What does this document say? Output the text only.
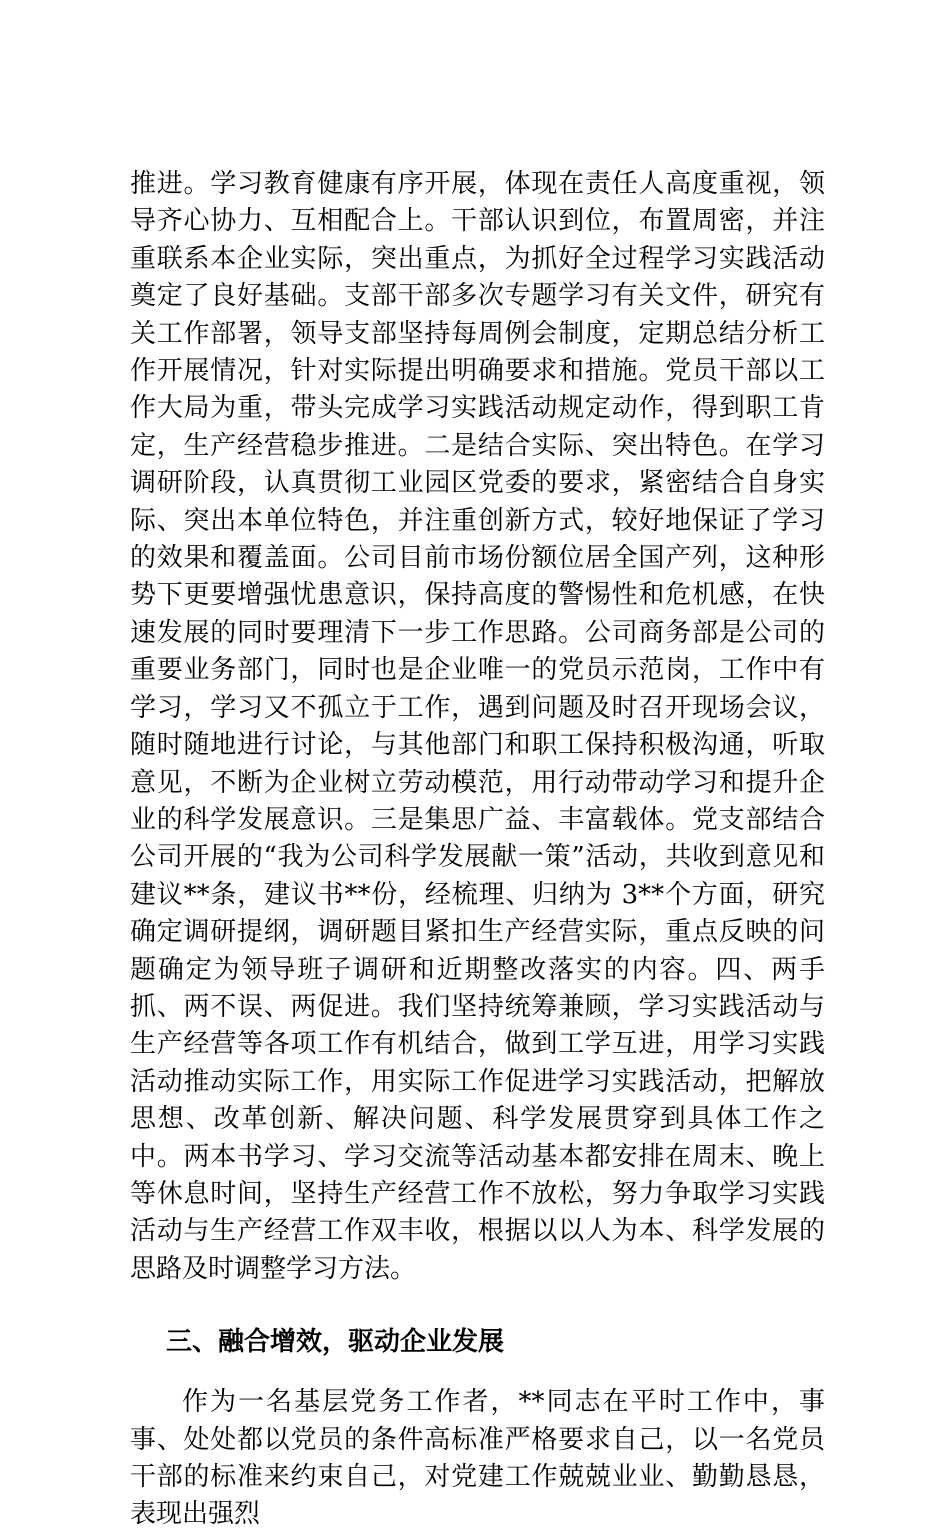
推进。学习教育健康有序开展，体现在责任人高度重视，领导齐心协力、互相配合上。干部认识到位，布置周密，并注重联系本企业实际，突出重点，为抓好全过程学习实践活动奠定了良好基础。支部干部多次专题学习有关文件，研究有关工作部署，领导支部坚持每周例会制度，定期总结分析工作开展情况，针对实际提出明确要求和措施。党员干部以工作大局为重，带头完成学习实践活动规定动作，得到职工肯定，生产经营稳步推进。二是结合实际、突出特色。在学习调研阶段，认真贯彻工业园区党委的要求，紧密结合自身实际、突出本单位特色，并注重创新方式，较好地保证了学习的效果和覆盖面。公司目前市场份额位居全国产列，这种形势下更要增强忧患意识，保持高度的警惕性和危机感，在快速发展的同时要理清下一步工作思路。公司商务部是公司的重要业务部门，同时也是企业唯一的党员示范岗，工作中有学习，学习又不孤立于工作，遇到问题及时召开现场会议，随时随地进行讨论，与其他部门和职工保持积极沟通，听取意见，不断为企业树立劳动模范，用行动带动学习和提升企业的科学发展意识。三是集思广益、丰富载体。党支部结合公司开展的“我为公司科学发展献一策”活动，共收到意见和建议**条，建议书**份，经梳理、归纳为 3**个方面，研究确定调研提纲，调研题目紧扣生产经营实际，重点反映的问题确定为领导班子调研和近期整改落实的内容。四、两手抓、两不误、两促进。我们坚持统筹兼顾，学习实践活动与生产经营等各项工作有机结合，做到工学互进，用学习实践活动推动实际工作，用实际工作促进学习实践活动，把解放思想、改革创新、解决问题、科学发展贯穿到具体工作之中。两本书学习、学习交流等活动基本都安排在周末、晚上等休息时间，坚持生产经营工作不放松，努力争取学习实践活动与生产经营工作双丰收，根据以以人为本、科学发展的思路及时调整学习方法。

三、融合增效，驱动企业发展

作为一名基层党务工作者，**同志在平时工作中，事事、处处都以党员的条件高标准严格要求自己，以一名党员干部的标准来约束自己，对党建工作兢兢业业、勤勤恳恳，表现出强烈
